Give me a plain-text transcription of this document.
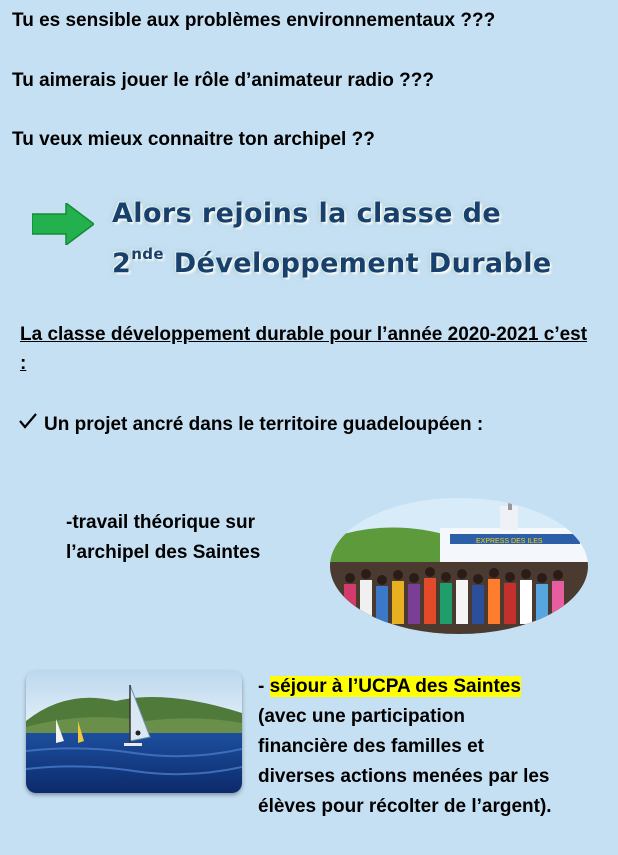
Tu es sensible aux problèmes environnementaux ???
Tu aimerais jouer le rôle d’animateur radio ???
Tu veux mieux connaitre ton archipel ??
Alors rejoins la classe de
2nde Développement Durable
La classe développement durable pour l’année 2020-2021 c’est :
Un projet ancré dans le territoire guadeloupéen :
-travail théorique sur
l’archipel des Saintes
EXPRESS DES ILES
- séjour à l’UCPA des Saintes
(avec une participation
financière des familles et
diverses actions menées par les
élèves pour récolter de l’argent).
